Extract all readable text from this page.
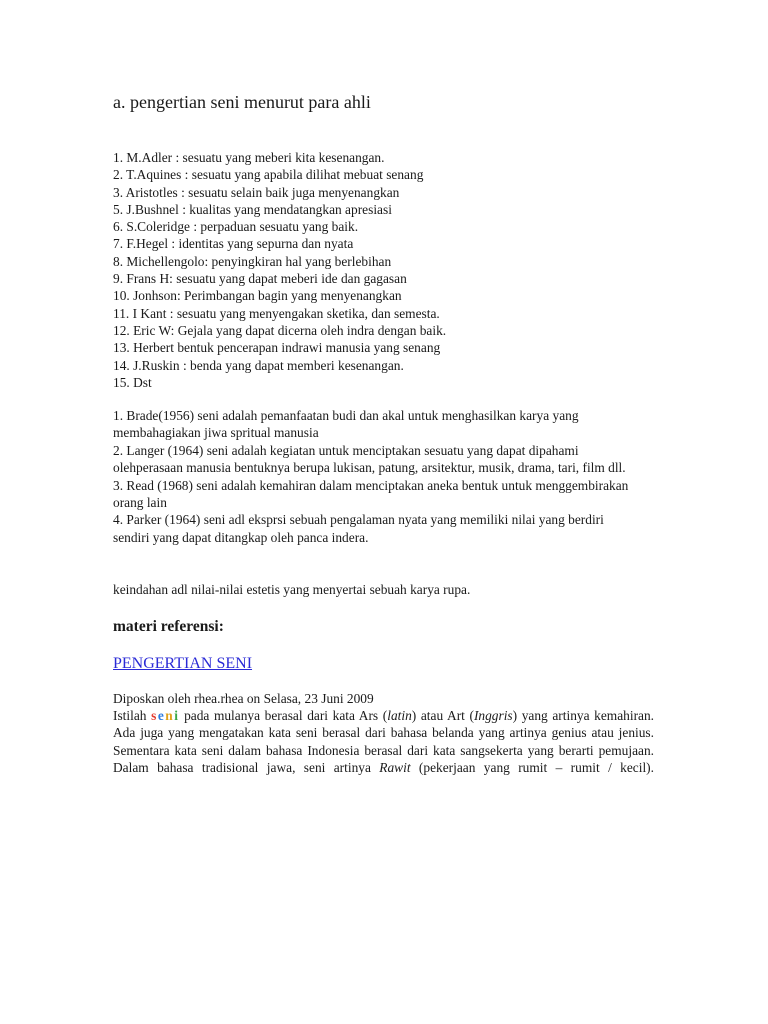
a. pengertian seni menurut para ahli
1. M.Adler : sesuatu yang meberi kita kesenangan.
2. T.Aquines : sesuatu yang apabila dilihat mebuat senang
3. Aristotles : sesuatu selain baik juga menyenangkan
5. J.Bushnel : kualitas yang mendatangkan apresiasi
6. S.Coleridge : perpaduan sesuatu yang baik.
7. F.Hegel : identitas yang sepurna dan nyata
8. Michellengolo: penyingkiran hal yang berlebihan
9. Frans H: sesuatu yang dapat meberi ide dan gagasan
10. Jonhson: Perimbangan bagin yang menyenangkan
11. I Kant : sesuatu yang menyengakan sketika, dan semesta.
12. Eric W: Gejala yang dapat dicerna oleh indra dengan baik.
13. Herbert bentuk pencerapan indrawi manusia yang senang
14. J.Ruskin : benda yang dapat memberi kesenangan.
15. Dst
1. Brade(1956) seni adalah pemanfaatan budi dan akal untuk menghasilkan karya yang membahagiakan jiwa spritual manusia
2. Langer (1964) seni adalah kegiatan untuk menciptakan sesuatu yang dapat dipahami olehperasaan manusia bentuknya berupa lukisan, patung, arsitektur, musik, drama, tari, film dll.
3. Read (1968) seni adalah kemahiran dalam menciptakan aneka bentuk untuk menggembirakan orang lain
4. Parker (1964) seni adl eksprsi sebuah pengalaman nyata yang memiliki nilai yang berdiri sendiri yang dapat ditangkap oleh panca indera.

keindahan adl nilai-nilai estetis yang menyertai sebuah karya rupa.

materi referensi:

PENGERTIAN SENI

Diposkan oleh rhea.rhea on Selasa, 23 Juni 2009

Istilah seni pada mulanya berasal dari kata Ars (latin) atau Art (Inggris) yang artinya kemahiran. Ada juga yang mengatakan kata seni berasal dari bahasa belanda yang artinya genius atau jenius. Sementara kata seni dalam bahasa Indonesia berasal dari kata sangsekerta yang berarti pemujaan. Dalam bahasa tradisional jawa, seni artinya Rawit (pekerjaan yang rumit – rumit / kecil).
